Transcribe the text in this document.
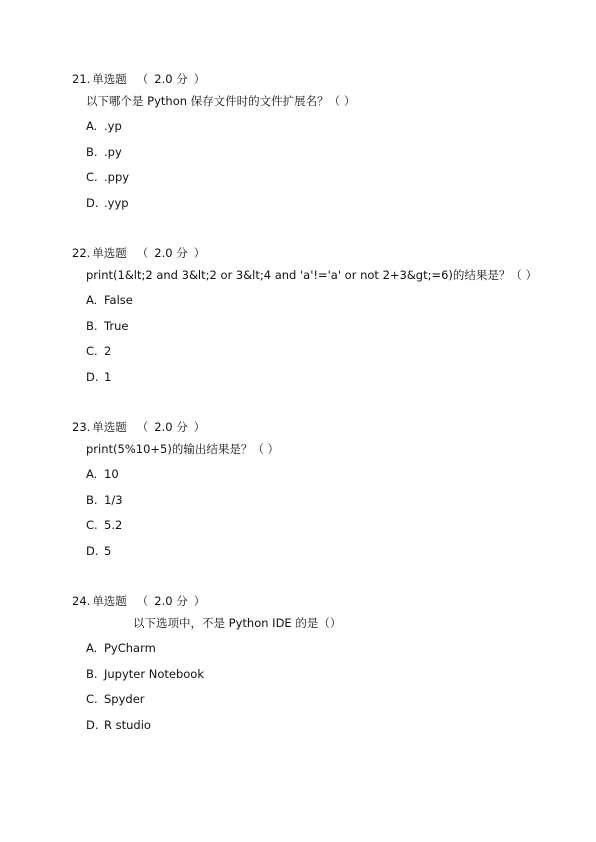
21. 单选题 （ 2.0 分 ）
以下哪个是 Python 保存文件时的文件扩展名？（ ）
A. .yp
B. .py
C. .ppy
D. .yyp
22. 单选题 （ 2.0 分 ）
print(1&lt;2 and 3&lt;2 or 3&lt;4 and 'a'!='a' or not 2+3&gt;=6)的结果是？（ ）
A. False
B. True
C. 2
D. 1
23. 单选题 （ 2.0 分 ）
print(5%10+5)的输出结果是？（ ）
A. 10
B. 1/3
C. 5.2
D. 5
24. 单选题 （ 2.0 分 ）
以下选项中，不是 Python IDE 的是（）
A. PyCharm
B. Jupyter Notebook
C. Spyder
D. R studio
